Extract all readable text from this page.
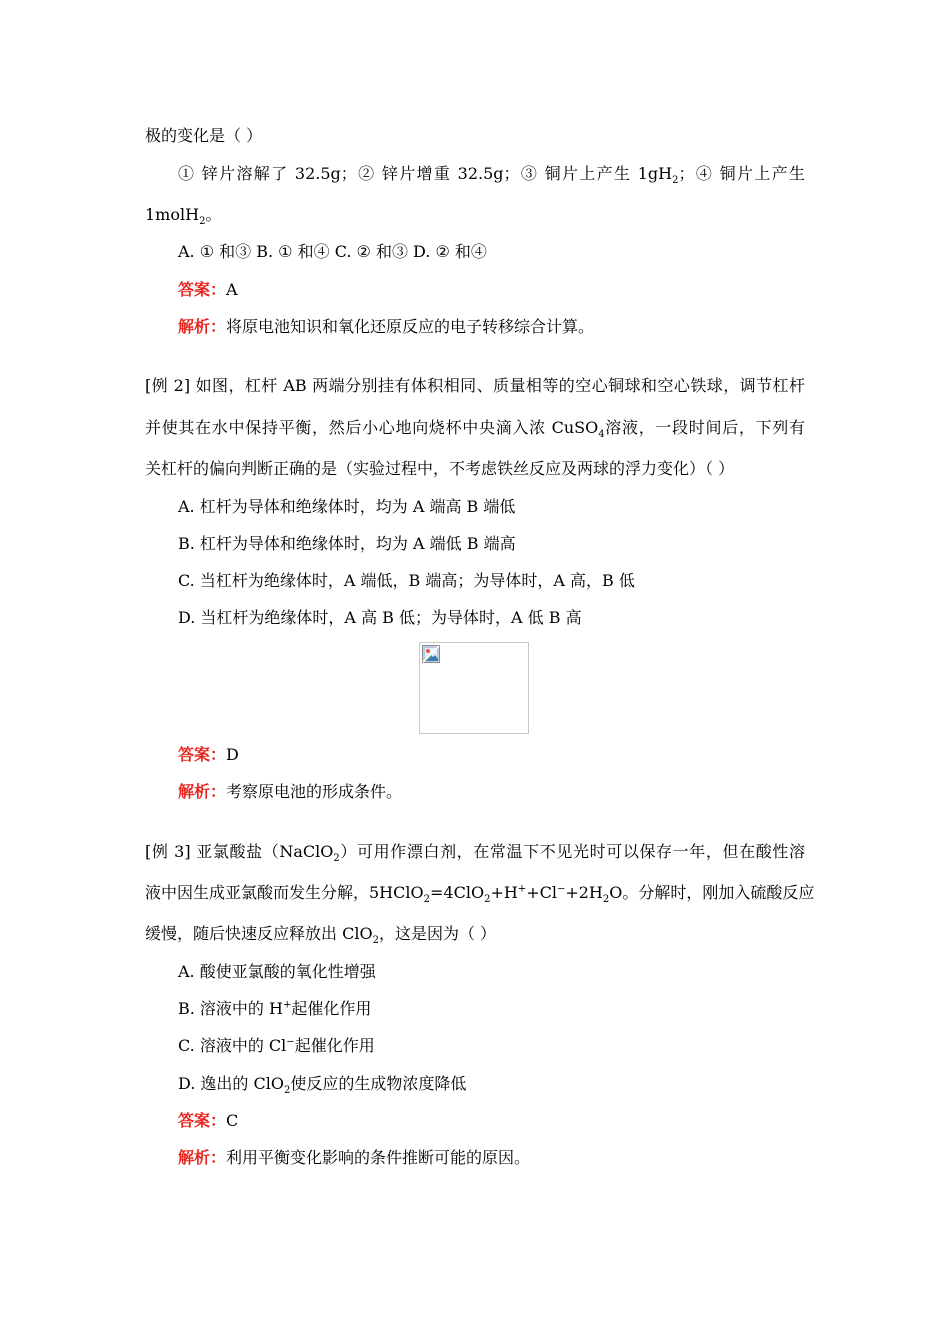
极的变化是（ ）
① 锌片溶解了 32.5g；② 锌片增重 32.5g；③ 铜片上产生 $1gH_2$；④ 铜片上产生
1molH$_2$。
A. ① 和③ B. ① 和④ C. ② 和③ D. ② 和④
答案：A
解析：将原电池知识和氧化还原反应的电子转移综合计算。
[例 2] 如图，杠杆 AB 两端分别挂有体积相同、质量相等的空心铜球和空心铁球，调节杠杆
并使其在水中保持平衡，然后小心地向烧杯中央滴入浓 CuSO$_4$溶液，一段时间后，下列有
关杠杆的偏向判断正确的是（实验过程中，不考虑铁丝反应及两球的浮力变化）（ ）
A. 杠杆为导体和绝缘体时，均为 A 端高 B 端低
B. 杠杆为导体和绝缘体时，均为 A 端低 B 端高
C. 当杠杆为绝缘体时，A 端低，B 端高；为导体时，A 高，B 低
D. 当杠杆为绝缘体时，A 高 B 低；为导体时，A 低 B 高
答案：D
解析：考察原电池的形成条件。
[例 3] 亚氯酸盐（NaClO$_2$）可用作漂白剂，在常温下不见光时可以保存一年，但在酸性溶
液中因生成亚氯酸而发生分解，$5HClO_2=4ClO_2+H^++Cl^-+2H_2O$。分解时，刚加入硫酸反应
缓慢，随后快速反应释放出 ClO$_2$，这是因为（ ）
A. 酸使亚氯酸的氧化性增强
B. 溶液中的 H+起催化作用
C. 溶液中的 Cl−起催化作用
D. 逸出的 ClO$_2$使反应的生成物浓度降低
答案：C
解析：利用平衡变化影响的条件推断可能的原因。
